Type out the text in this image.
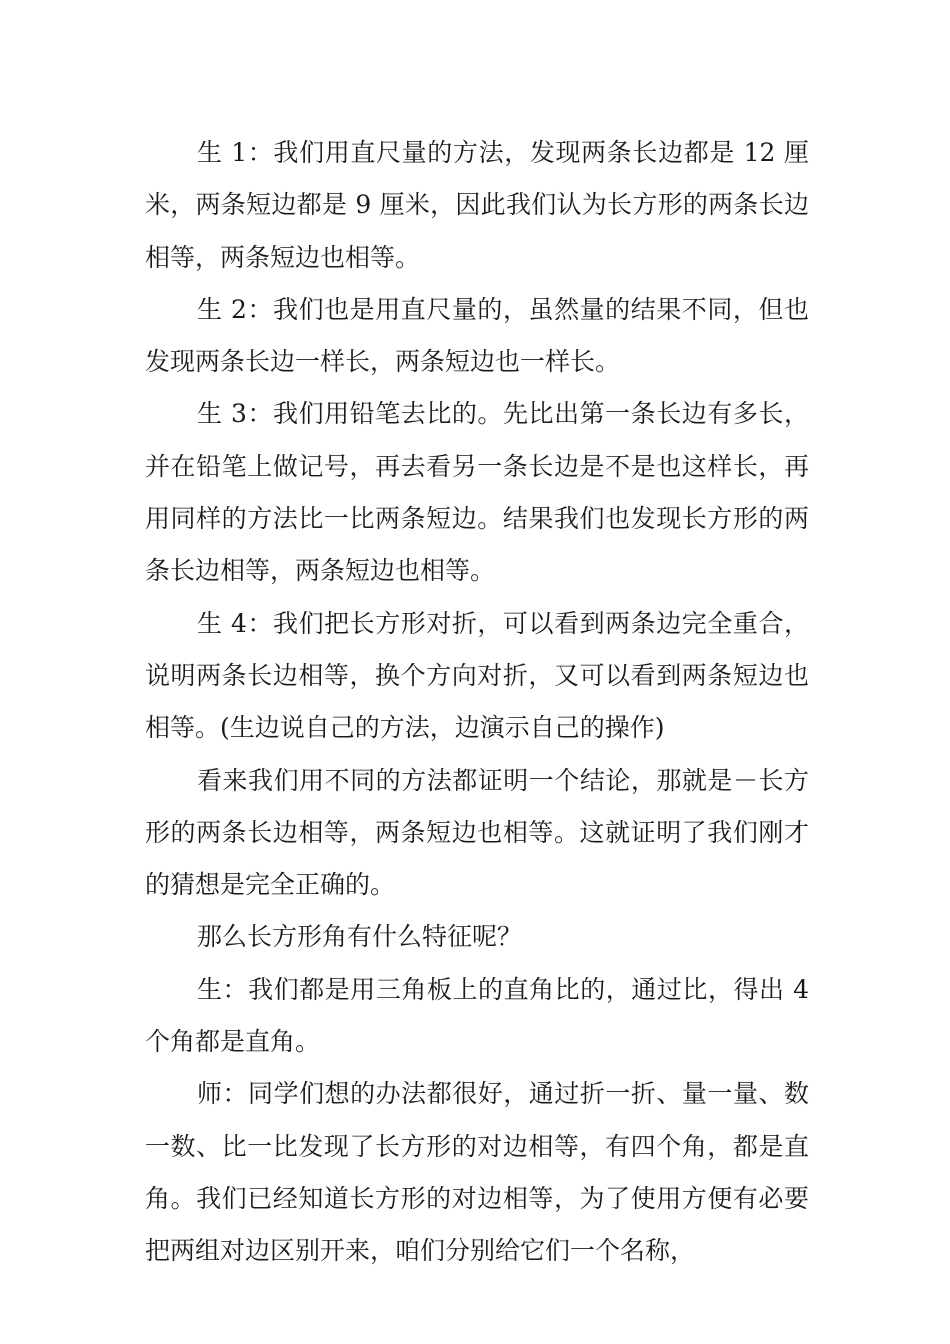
生 1：我们用直尺量的方法，发现两条长边都是 12 厘米，两条短边都是 9 厘米，因此我们认为长方形的两条长边相等，两条短边也相等。

生 2：我们也是用直尺量的，虽然量的结果不同，但也发现两条长边一样长，两条短边也一样长。

生 3：我们用铅笔去比的。先比出第一条长边有多长，并在铅笔上做记号，再去看另一条长边是不是也这样长，再用同样的方法比一比两条短边。结果我们也发现长方形的两条长边相等，两条短边也相等。

生 4：我们把长方形对折，可以看到两条边完全重合，说明两条长边相等，换个方向对折，又可以看到两条短边也相等。(生边说自己的方法，边演示自己的操作)

看来我们用不同的方法都证明一个结论，那就是－长方形的两条长边相等，两条短边也相等。这就证明了我们刚才的猜想是完全正确的。

那么长方形角有什么特征呢？

生：我们都是用三角板上的直角比的，通过比，得出 4 个角都是直角。

师：同学们想的办法都很好，通过折一折、量一量、数一数、比一比发现了长方形的对边相等，有四个角，都是直角。我们已经知道长方形的对边相等，为了使用方便有必要把两组对边区别开来，咱们分别给它们一个名称，
